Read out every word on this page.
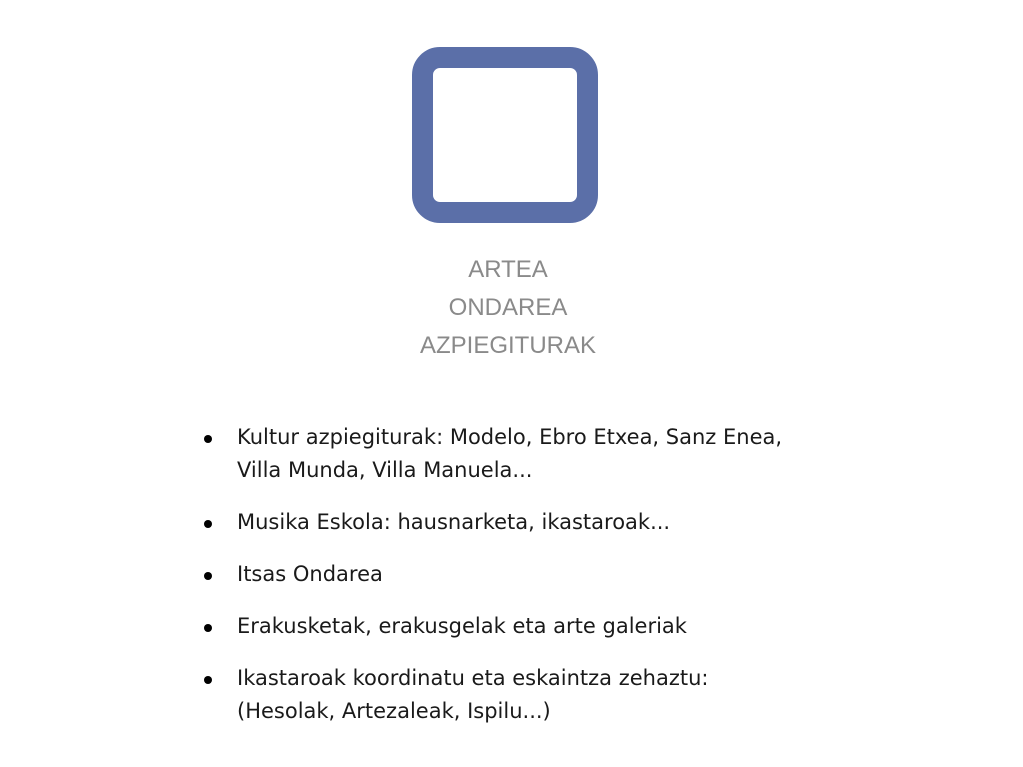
ARTEA
ONDAREA
AZPIEGITURAK
Kultur azpiegiturak: Modelo, Ebro Etxea, Sanz Enea,
Villa Munda, Villa Manuela...
Musika Eskola: hausnarketa, ikastaroak...
Itsas Ondarea
Erakusketak, erakusgelak eta arte galeriak
Ikastaroak koordinatu eta eskaintza zehaztu:
(Hesolak, Artezaleak, Ispilu...)
